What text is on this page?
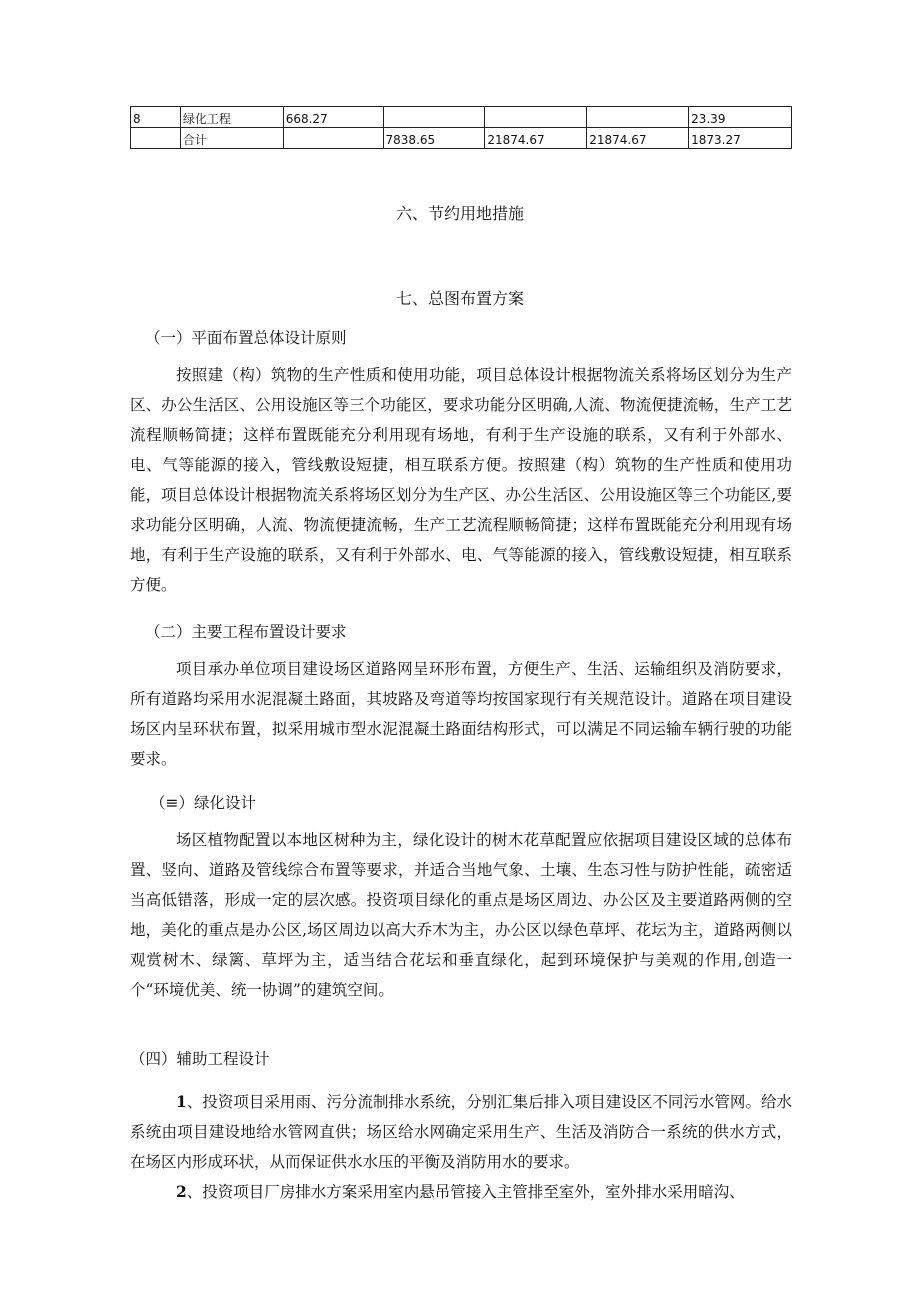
8	绿化工程	668.27				23.39
	合计		7838.65	21874.67	21874.67	1873.27
六、节约用地措施
七、总图布置方案
（一）平面布置总体设计原则

按照建（构）筑物的生产性质和使用功能，项目总体设计根据物流关系将场区划分为生产区、办公生活区、公用设施区等三个功能区，要求功能分区明确,人流、物流便捷流畅，生产工艺流程顺畅简捷；这样布置既能充分利用现有场地，有利于生产设施的联系，又有利于外部水、电、气等能源的接入，管线敷设短捷，相互联系方便。按照建（构）筑物的生产性质和使用功能，项目总体设计根据物流关系将场区划分为生产区、办公生活区、公用设施区等三个功能区,要求功能分区明确，人流、物流便捷流畅，生产工艺流程顺畅简捷；这样布置既能充分利用现有场地，有利于生产设施的联系，又有利于外部水、电、气等能源的接入，管线敷设短捷，相互联系方便。

（二）主要工程布置设计要求

项目承办单位项目建设场区道路网呈环形布置，方便生产、生活、运输组织及消防要求，所有道路均采用水泥混凝土路面，其坡路及弯道等均按国家现行有关规范设计。道路在项目建设场区内呈环状布置，拟采用城市型水泥混凝土路面结构形式，可以满足不同运输车辆行驶的功能要求。

（≡）绿化设计

场区植物配置以本地区树种为主，绿化设计的树木花草配置应依据项目建设区域的总体布置、竖向、道路及管线综合布置等要求，并适合当地气象、土壤、生态习性与防护性能，疏密适当高低错落，形成一定的层次感。投资项目绿化的重点是场区周边、办公区及主要道路两侧的空地，美化的重点是办公区,场区周边以高大乔木为主，办公区以绿色草坪、花坛为主，道路两侧以观赏树木、绿篱、草坪为主，适当结合花坛和垂直绿化，起到环境保护与美观的作用,创造一个“环境优美、统一协调”的建筑空间。

（四）辅助工程设计

1、投资项目采用雨、污分流制排水系统，分别汇集后排入项目建设区不同污水管网。给水系统由项目建设地给水管网直供；场区给水网确定采用生产、生活及消防合一系统的供水方式，在场区内形成环状，从而保证供水水压的平衡及消防用水的要求。

2、投资项目厂房排水方案采用室内悬吊管接入主管排至室外，室外排水采用暗沟、
